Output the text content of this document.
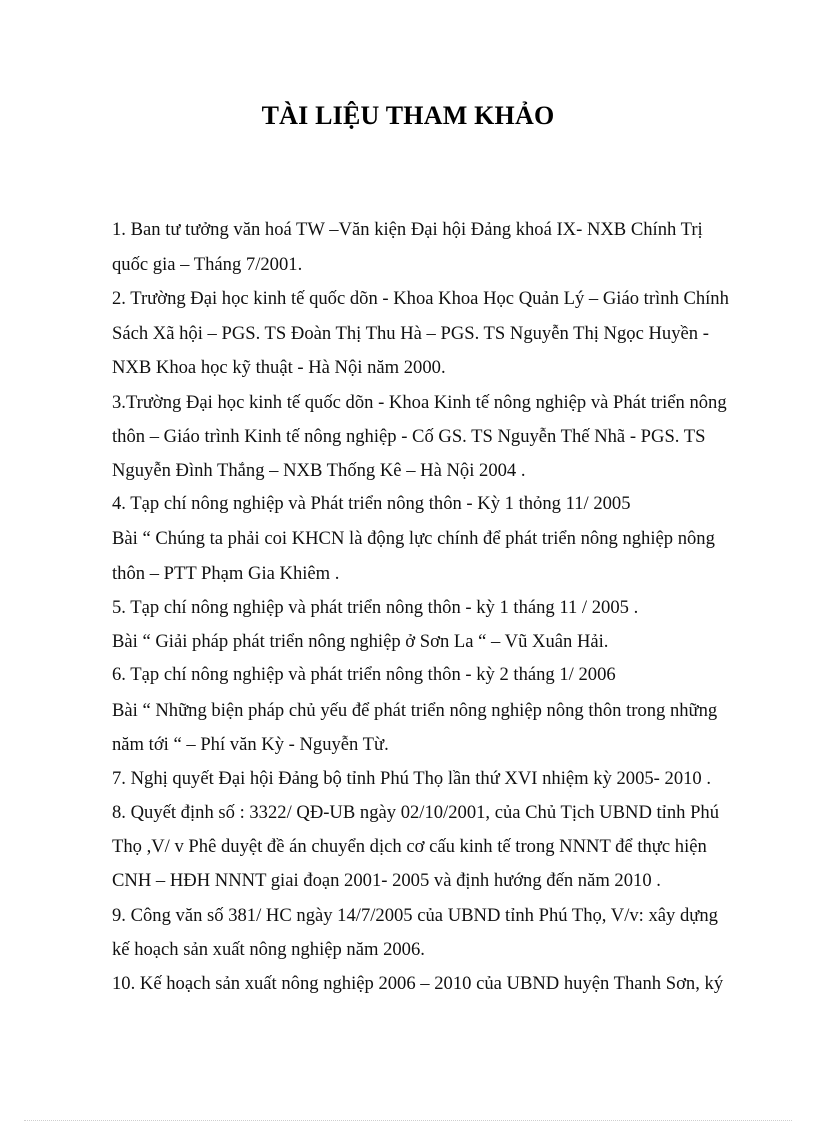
TÀI LIỆU THAM KHẢO
1. Ban tư tưởng văn hoá TW –Văn kiện Đại hội Đảng khoá IX- NXB Chính Trị
quốc gia – Tháng 7/2001.
2. Trường Đại học kinh tế quốc dõn - Khoa Khoa Học Quản Lý – Giáo trình Chính
Sách Xã hội – PGS. TS Đoàn Thị Thu Hà – PGS. TS Nguyễn Thị Ngọc Huyền -
NXB Khoa học kỹ thuật - Hà Nội năm 2000.
3.Trường Đại học kinh tế quốc dõn - Khoa Kinh tế nông nghiệp và Phát triển nông
thôn – Giáo trình Kinh tế nông nghiệp - Cố GS. TS Nguyễn Thế Nhã - PGS. TS
Nguyễn Đình Thắng – NXB Thống Kê – Hà Nội 2004 .
4. Tạp chí nông nghiệp và Phát triển nông thôn - Kỳ 1 thỏng 11/ 2005
Bài “ Chúng ta phải coi KHCN là động lực chính để phát triển nông nghiệp nông
thôn – PTT Phạm Gia Khiêm .
5. Tạp chí nông nghiệp và phát triển nông thôn - kỳ 1 tháng 11 / 2005 .
Bài “ Giải pháp phát triển nông nghiệp ở Sơn La “ – Vũ Xuân Hải.
6. Tạp chí nông nghiệp và phát triển nông thôn - kỳ 2 tháng 1/ 2006
Bài “ Những biện pháp chủ yếu để phát triển nông nghiệp nông thôn trong những
năm tới “ – Phí văn Kỳ - Nguyễn Từ.
7. Nghị quyết Đại hội Đảng bộ tỉnh Phú Thọ lần thứ XVI nhiệm kỳ 2005- 2010 .
8. Quyết định số : 3322/ QĐ-UB ngày 02/10/2001, của Chủ Tịch UBND tỉnh Phú
Thọ ,V/ v Phê duyệt đề án chuyển dịch cơ cấu kinh tế trong NNNT để thực hiện
CNH – HĐH NNNT giai đoạn 2001- 2005 và định hướng đến năm 2010 .
9. Công văn số 381/ HC ngày 14/7/2005 của UBND tỉnh Phú Thọ, V/v: xây dựng
kế hoạch sản xuất nông nghiệp năm 2006.
10. Kế hoạch sản xuất nông nghiệp 2006 – 2010 của UBND huyện Thanh Sơn, ký
